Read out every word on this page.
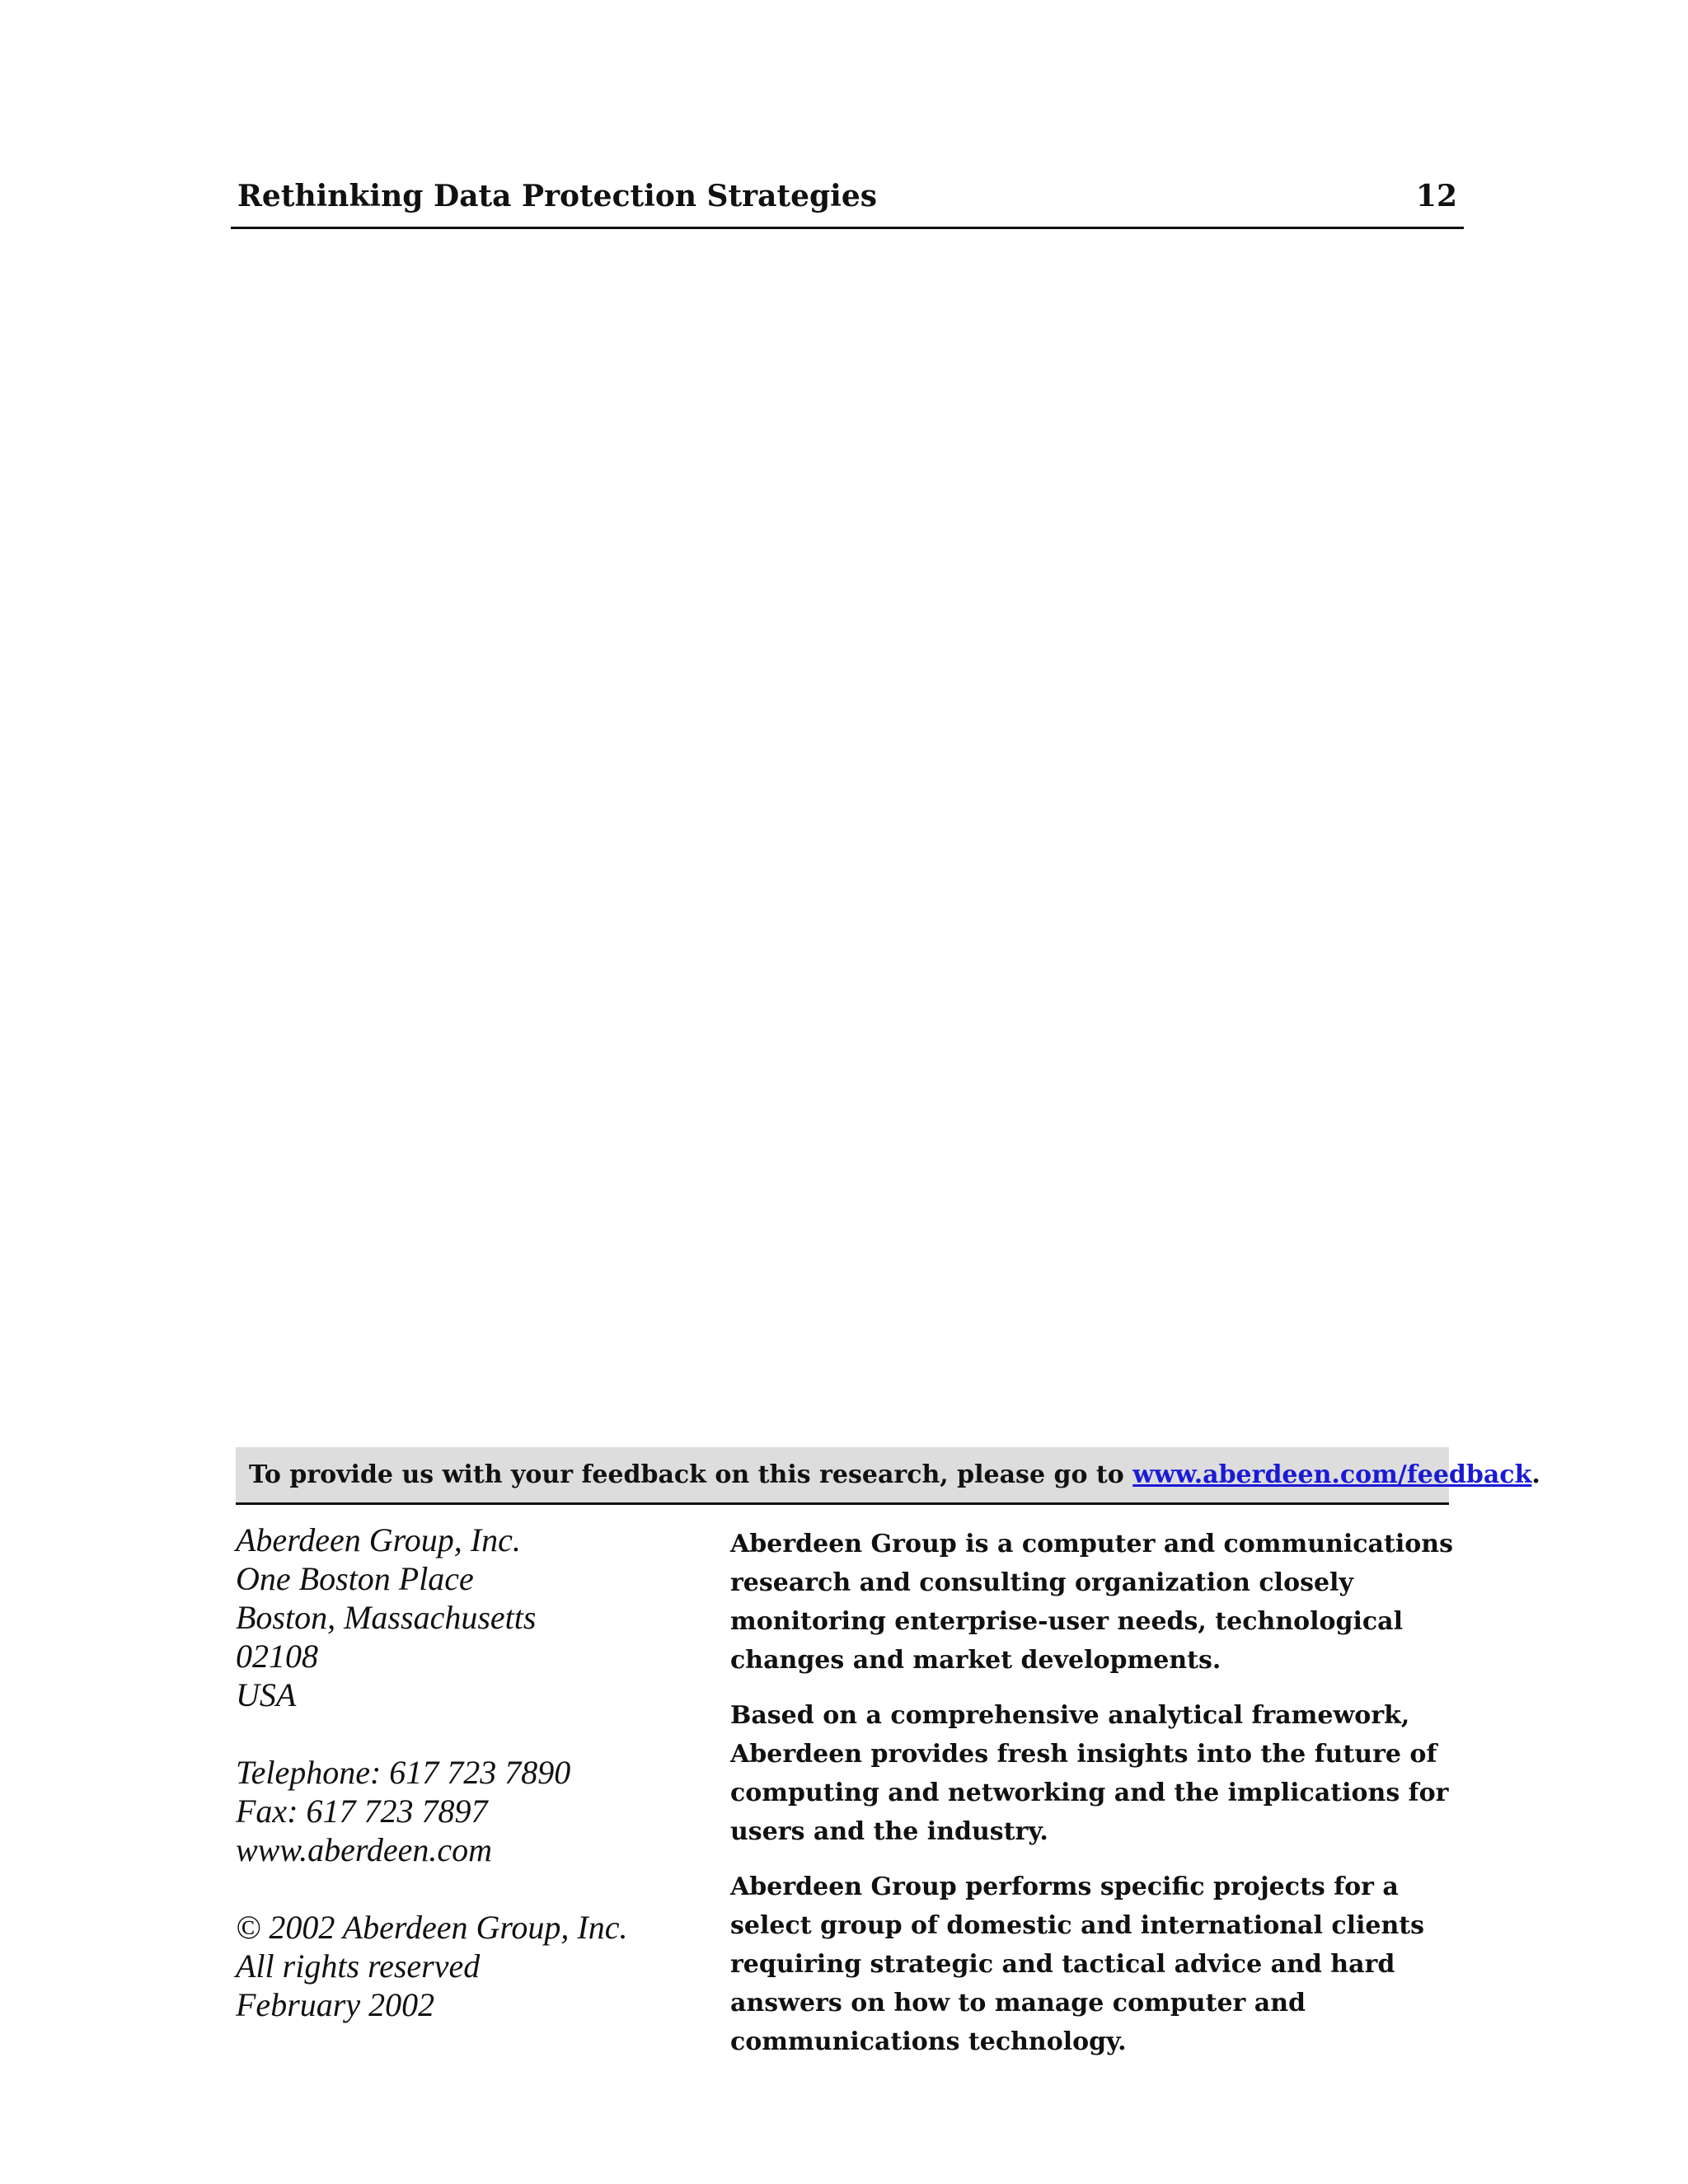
Rethinking Data Protection Strategies	12
To provide us with your feedback on this research, please go to www.aberdeen.com/feedback.
Aberdeen Group, Inc.
One Boston Place
Boston, Massachusetts
02108
USA
Telephone: 617 723 7890
Fax: 617 723 7897
www.aberdeen.com
© 2002 Aberdeen Group, Inc.
All rights reserved
February 2002

Aberdeen Group is a computer and communications research and consulting organization closely monitoring enterprise-user needs, technological changes and market developments.

Based on a comprehensive analytical framework, Aberdeen provides fresh insights into the future of computing and networking and the implications for users and the industry.

Aberdeen Group performs specific projects for a select group of domestic and international clients requiring strategic and tactical advice and hard answers on how to manage computer and communications technology.
